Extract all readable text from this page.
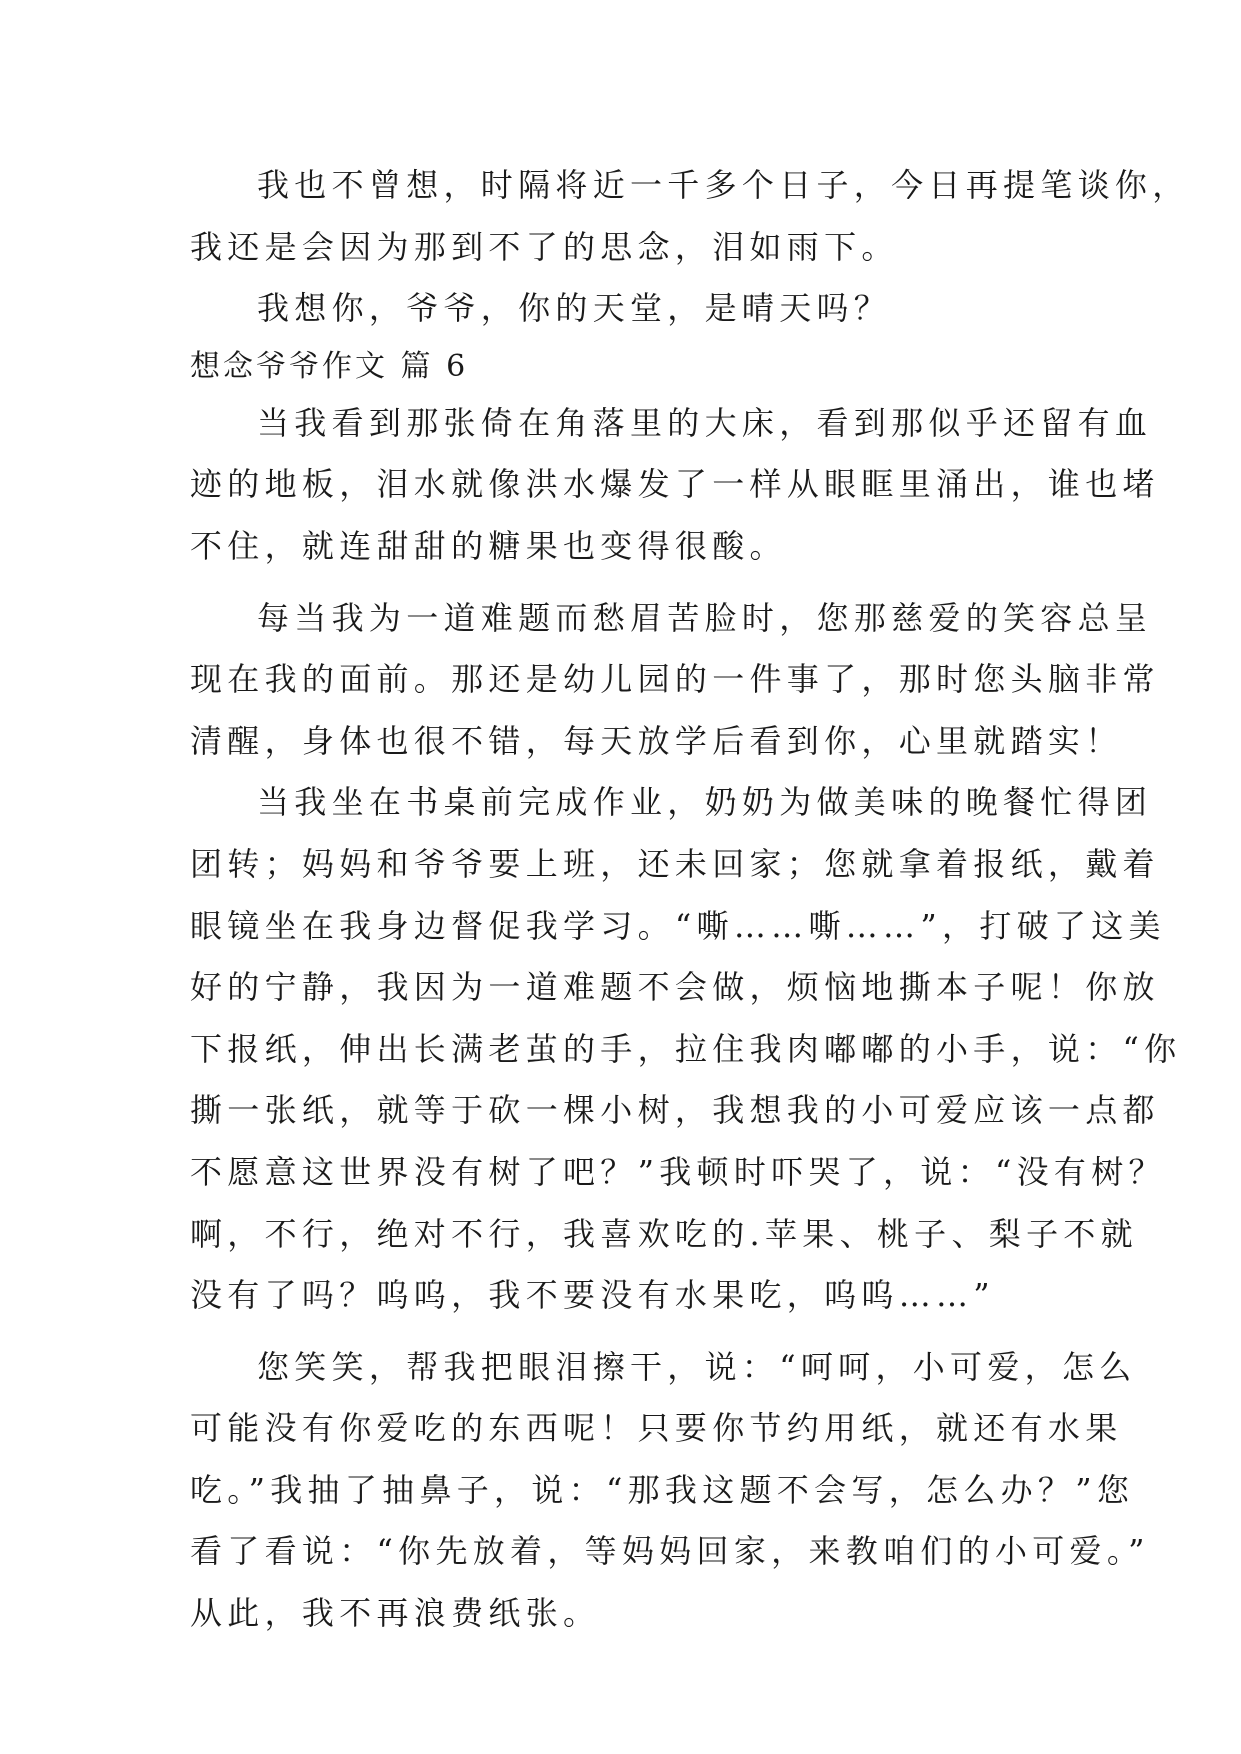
我也不曾想，时隔将近一千多个日子，今日再提笔谈你，
我还是会因为那到不了的思念，泪如雨下。
我想你，爷爷，你的天堂，是晴天吗？
想念爷爷作文 篇 6
当我看到那张倚在角落里的大床，看到那似乎还留有血
迹的地板，泪水就像洪水爆发了一样从眼眶里涌出，谁也堵
不住，就连甜甜的糖果也变得很酸。
每当我为一道难题而愁眉苦脸时，您那慈爱的笑容总呈
现在我的面前。那还是幼儿园的一件事了，那时您头脑非常
清醒，身体也很不错，每天放学后看到你，心里就踏实！
当我坐在书桌前完成作业，奶奶为做美味的晚餐忙得团
团转；妈妈和爷爷要上班，还未回家；您就拿着报纸，戴着
眼镜坐在我身边督促我学习。“嘶……嘶……”，打破了这美
好的宁静，我因为一道难题不会做，烦恼地撕本子呢！你放
下报纸，伸出长满老茧的手，拉住我肉嘟嘟的小手，说：“你
撕一张纸，就等于砍一棵小树，我想我的小可爱应该一点都
不愿意这世界没有树了吧？”我顿时吓哭了，说：“没有树？
啊，不行，绝对不行，我喜欢吃的.苹果、桃子、梨子不就
没有了吗？呜呜，我不要没有水果吃，呜呜……”
您笑笑，帮我把眼泪擦干，说：“呵呵，小可爱，怎么
可能没有你爱吃的东西呢！只要你节约用纸，就还有水果
吃。”我抽了抽鼻子，说：“那我这题不会写，怎么办？”您
看了看说：“你先放着，等妈妈回家，来教咱们的小可爱。”
从此，我不再浪费纸张。
